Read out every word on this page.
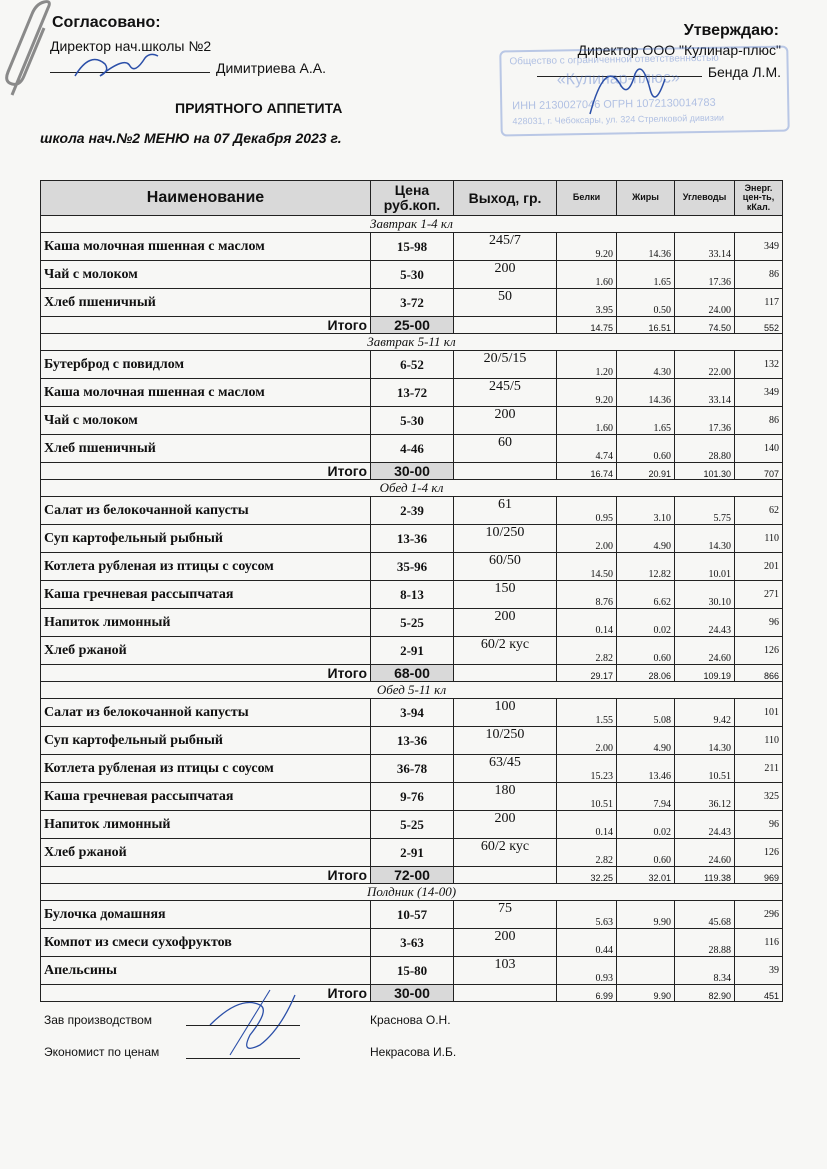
Согласовано:
Директор нач.школы №2
Димитриева А.А.
Утверждаю:
Директор ООО "Кулинар-плюс"
Бенда Л.М.
Общество с ограниченной ответственностью
«Кулинар-плюс»
ИНН 2130027046 ОГРН 1072130014783
428031, г. Чебоксары, ул. 324 Стрелковой дивизии
ПРИЯТНОГО АППЕТИТА
школа нач.№2 МЕНЮ на 07 Декабря 2023 г.
Наименование	Цена руб.коп.	Выход, гр.	Белки	Жиры	Углеводы	Энерг. цен-ть, кКал.
Завтрак 1-4 кл						
Каша молочная пшенная с маслом	15-98	245/7	9.20	14.36	33.14	349
Чай с молоком	5-30	200	1.60	1.65	17.36	86
Хлеб пшеничный	3-72	50	3.95	0.50	24.00	117
Итого	25-00		14.75	16.51	74.50	552
Завтрак 5-11 кл						
Бутерброд с повидлом	6-52	20/5/15	1.20	4.30	22.00	132
Каша молочная пшенная с маслом	13-72	245/5	9.20	14.36	33.14	349
Чай с молоком	5-30	200	1.60	1.65	17.36	86
Хлеб пшеничный	4-46	60	4.74	0.60	28.80	140
Итого	30-00		16.74	20.91	101.30	707
Обед 1-4 кл						
Салат из белокочанной капусты	2-39	61	0.95	3.10	5.75	62
Суп картофельный рыбный	13-36	10/250	2.00	4.90	14.30	110
Котлета рубленая из птицы с соусом	35-96	60/50	14.50	12.82	10.01	201
Каша гречневая рассыпчатая	8-13	150	8.76	6.62	30.10	271
Напиток лимонный	5-25	200	0.14	0.02	24.43	96
Хлеб ржаной	2-91	60/2 кус	2.82	0.60	24.60	126
Итого	68-00		29.17	28.06	109.19	866
Обед 5-11 кл						
Салат из белокочанной капусты	3-94	100	1.55	5.08	9.42	101
Суп картофельный рыбный	13-36	10/250	2.00	4.90	14.30	110
Котлета рубленая из птицы с соусом	36-78	63/45	15.23	13.46	10.51	211
Каша гречневая рассыпчатая	9-76	180	10.51	7.94	36.12	325
Напиток лимонный	5-25	200	0.14	0.02	24.43	96
Хлеб ржаной	2-91	60/2 кус	2.82	0.60	24.60	126
Итого	72-00		32.25	32.01	119.38	969
Полдник (14-00)						
Булочка домашняя	10-57	75	5.63	9.90	45.68	296
Компот из смеси сухофруктов	3-63	200	0.44		28.88	116
Апельсины	15-80	103	0.93		8.34	39
Итого	30-00		6.99	9.90	82.90	451
Зав производством	Краснова О.Н.
Экономист по ценам	Некрасова И.Б.
